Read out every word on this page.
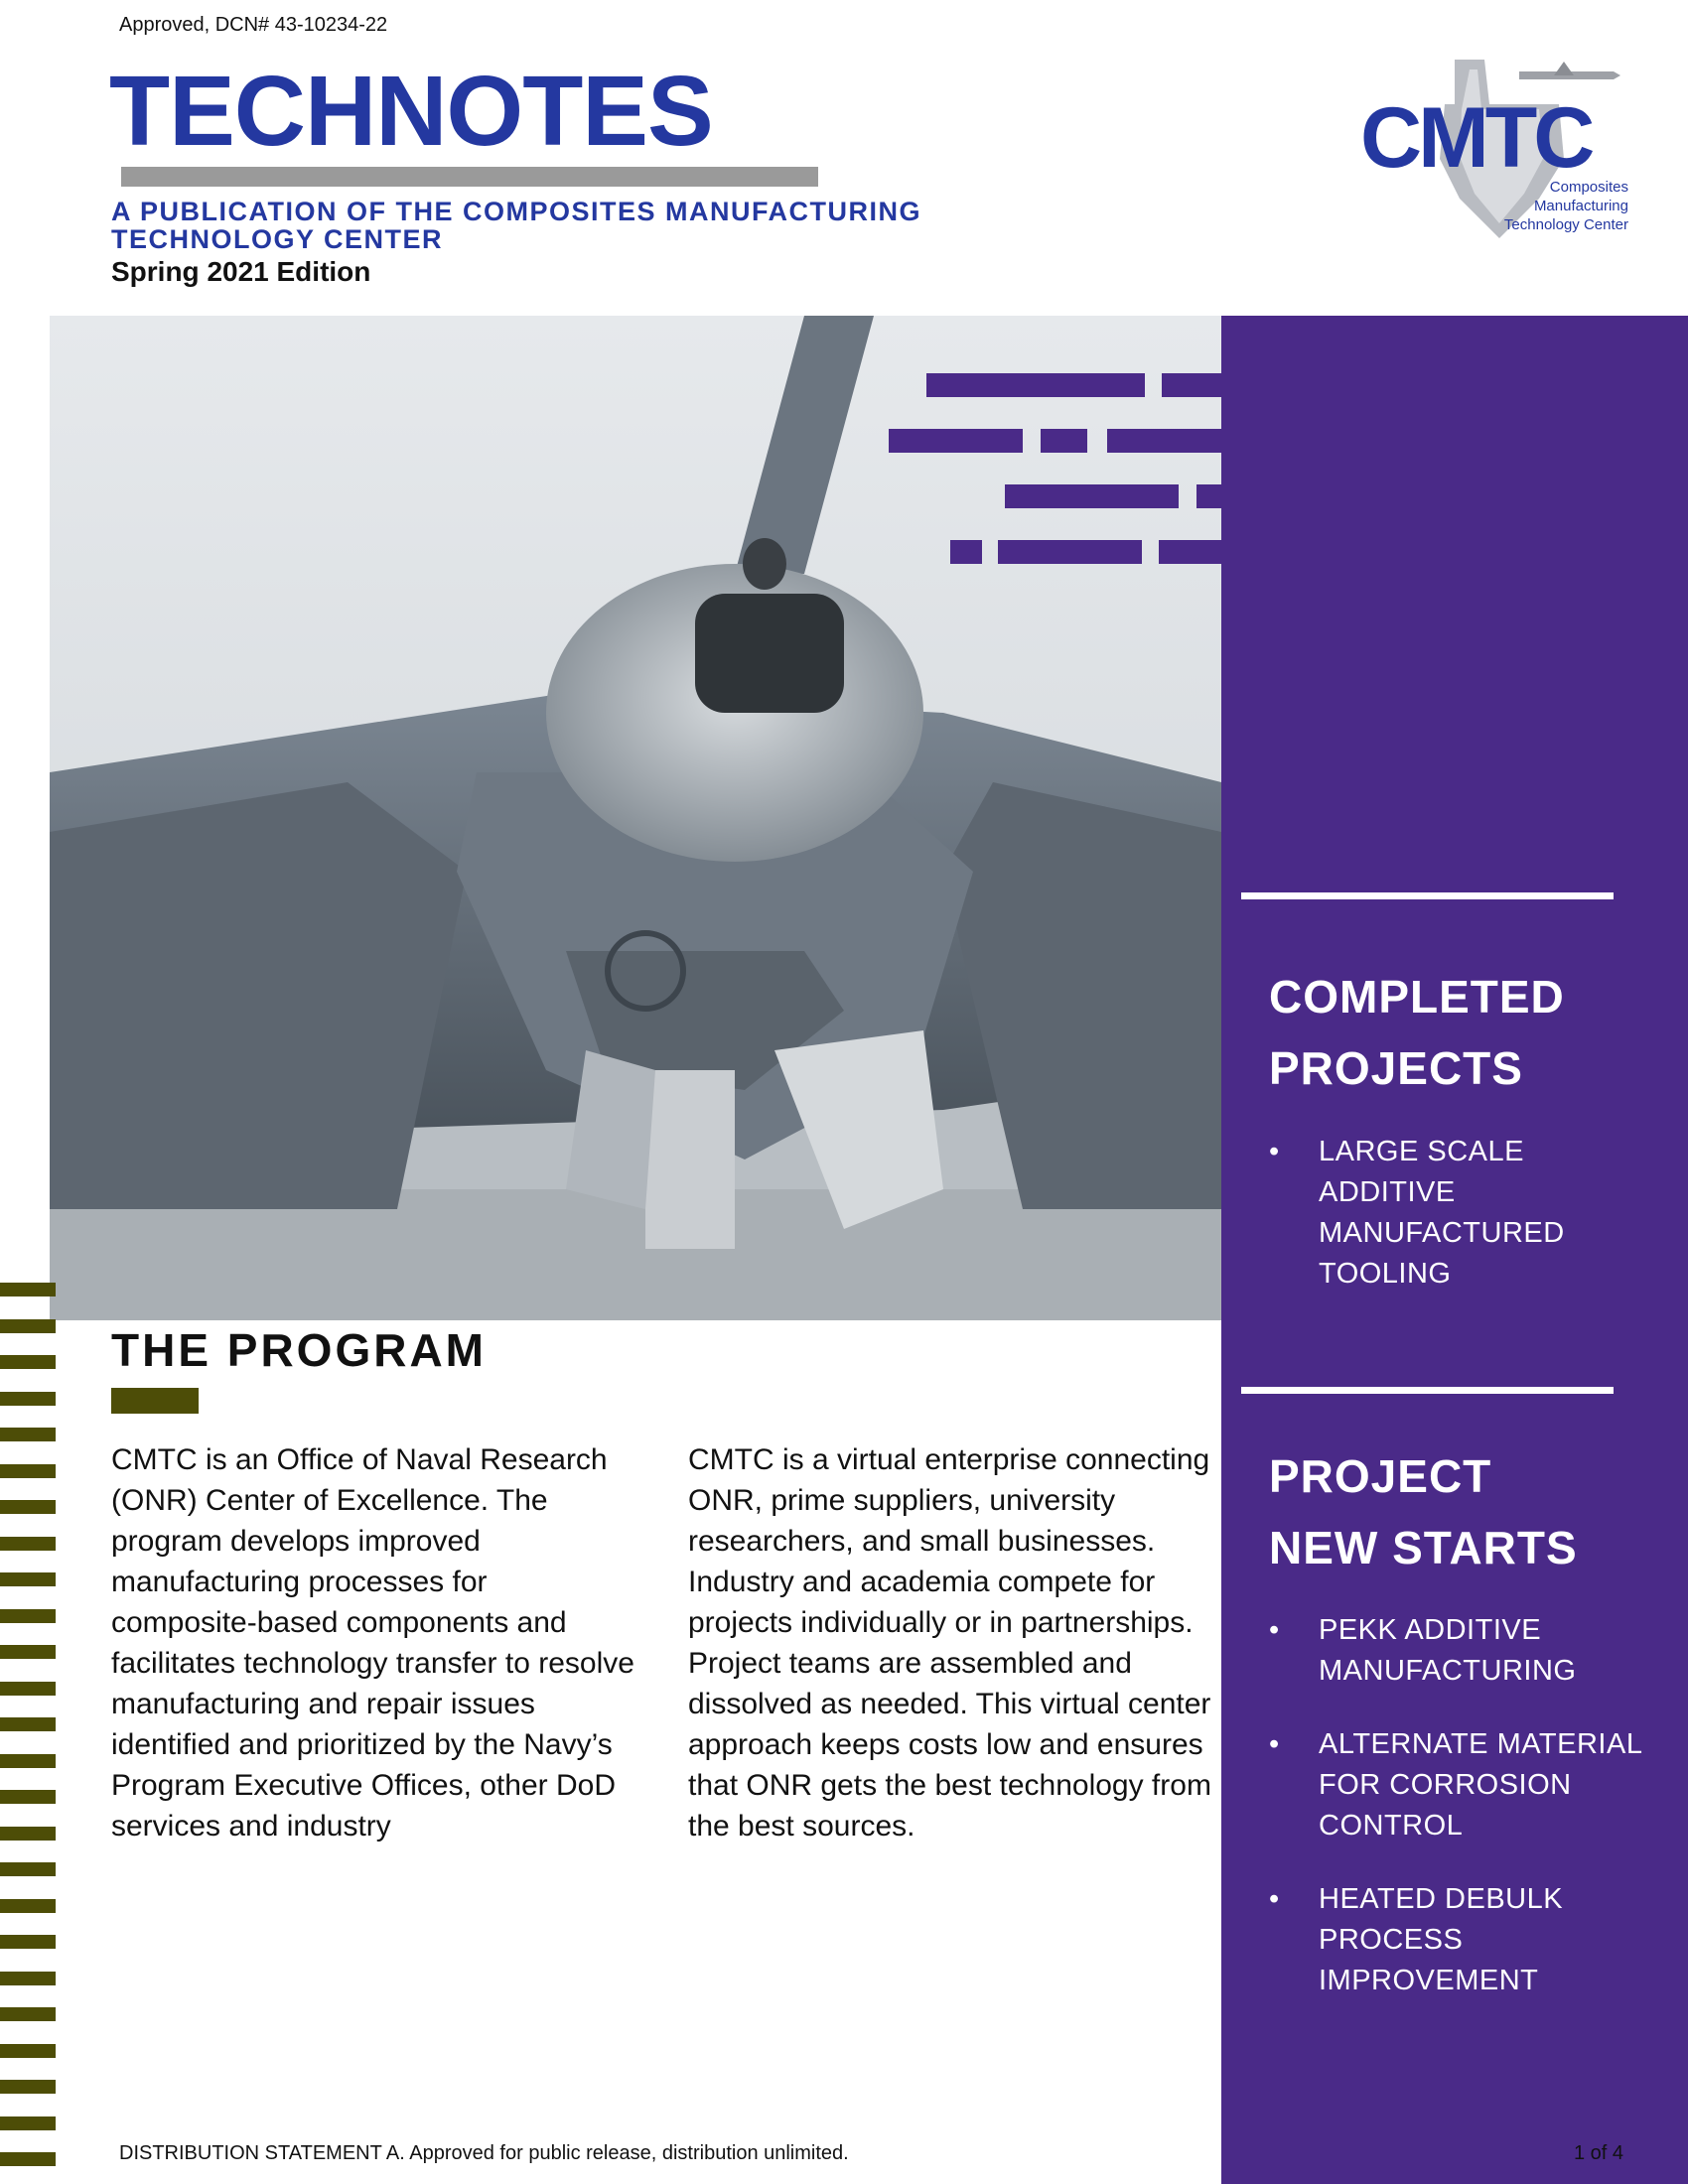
Approved, DCN# 43-10234-22
TECHNOTES
A PUBLICATION OF THE COMPOSITES MANUFACTURING TECHNOLOGY CENTER
Spring 2021 Edition
CMTC
Composites
Manufacturing
Technology Center
COMPLETED
PROJECTS
• LARGE SCALE ADDITIVE MANUFACTURED TOOLING
PROJECT
NEW STARTS
• PEKK ADDITIVE MANUFACTURING
• ALTERNATE MATERIAL FOR CORROSION CONTROL
• HEATED DEBULK PROCESS IMPROVEMENT
THE PROGRAM
CMTC is an Office of Naval Research (ONR) Center of Excellence. The program develops improved manufacturing processes for composite-based components and facilitates technology transfer to resolve manufacturing and repair issues identified and prioritized by the Navy’s Program Executive Offices, other DoD services and industry
CMTC is a virtual enterprise connecting ONR, prime suppliers, university researchers, and small businesses. Industry and academia compete for projects individually or in partnerships. Project teams are assembled and dissolved as needed. This virtual center approach keeps costs low and ensures that ONR gets the best technology from the best sources.
DISTRIBUTION STATEMENT A. Approved for public release, distribution unlimited.	1 of 4
